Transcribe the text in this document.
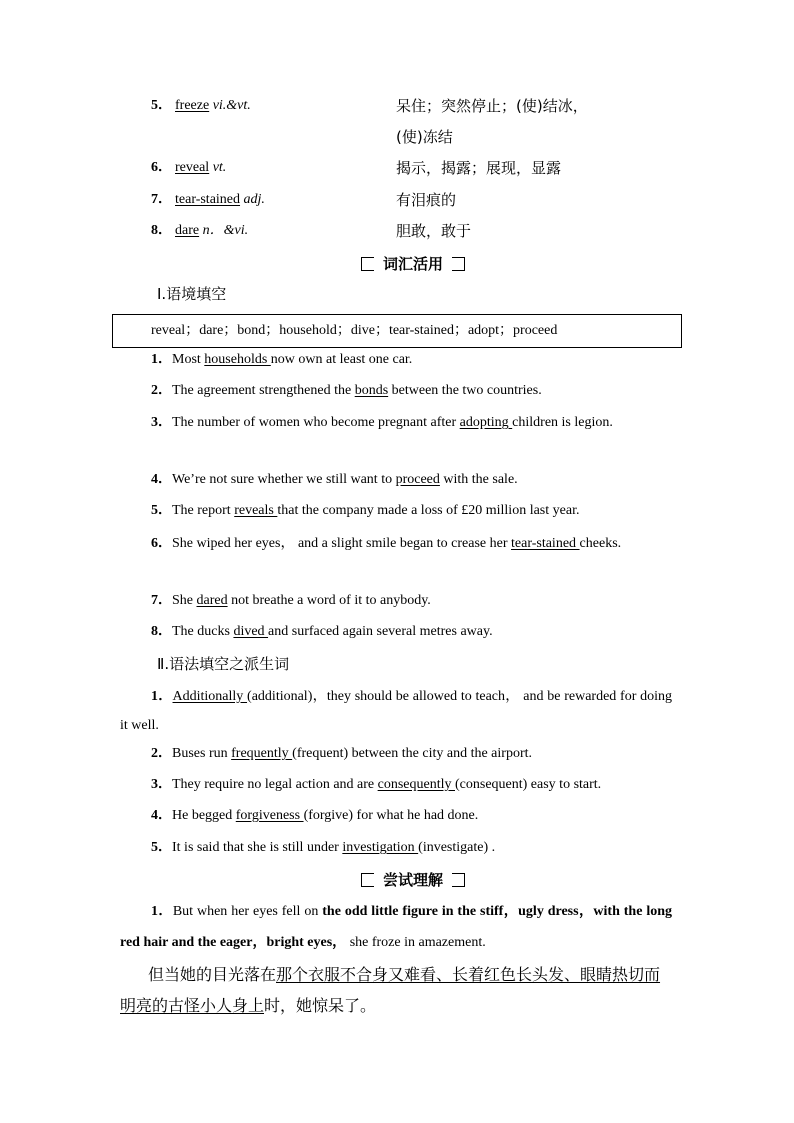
5． freeze vi.&vt.	呆住；突然停止；(使)结冰，
(使)冻结
6． reveal vt.	揭示，揭露；展现，显露
7． tear-stained adj.	有泪痕的
8． dare n．&vi.	胆敢，敢于
词汇活用
Ⅰ.语境填空
reveal；dare；bond；household；dive；tear-stained；adopt；proceed
1．Most households now own at least one car.
2．The agreement strengthened the bonds between the two countries.
3．The number of women who become pregnant after adopting children is legion.
4．We’re not sure whether we still want to proceed with the sale.
5．The report reveals that the company made a loss of £20 million last year.
6．She wiped her eyes， and a slight smile began to crease her tear-stained cheeks.
7．She dared not breathe a word of it to anybody.
8．The ducks dived and surfaced again several metres away.
Ⅱ.语法填空之派生词
1．Additionally (additional)，they should be allowed to teach， and be rewarded for doing it well.
2．Buses run frequently (frequent) between the city and the airport.
3．They require no legal action and are consequently (consequent) easy to start.
4．He begged forgiveness (forgive) for what he had done.
5．It is said that she is still under investigation (investigate) .
尝试理解
1．But when her eyes fell on the odd little figure in the stiff，ugly dress，with the long red hair and the eager，bright eyes， she froze in amazement.
但当她的目光落在那个衣服不合身又难看、长着红色长头发、眼睛热切而明亮的古怪小人身上时，她惊呆了。
